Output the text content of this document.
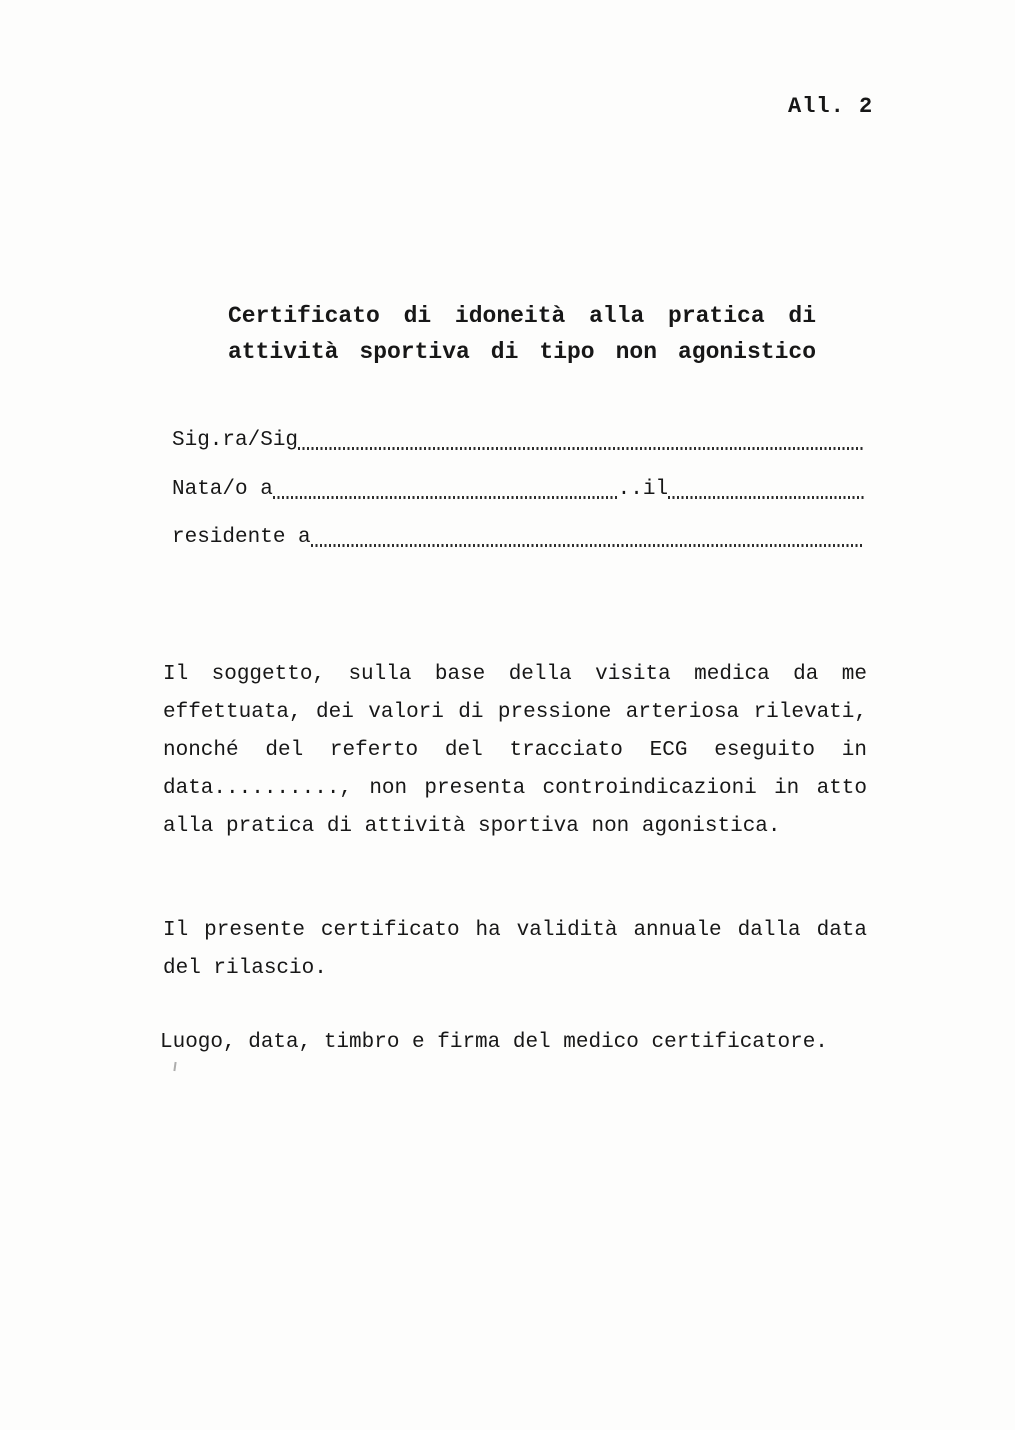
All. 2
Certificato di idoneità alla pratica di
attività sportiva di tipo non agonistico
Sig.ra/Sig
Nata/o a	..il
residente a
Il soggetto, sulla base della visita medica da me
effettuata, dei valori di pressione arteriosa rilevati,
nonché del referto del tracciato ECG eseguito in
data.........., non presenta controindicazioni in atto
alla pratica di attività sportiva non agonistica.
Il presente certificato ha validità annuale dalla data
del rilascio.
Luogo, data, timbro e firma del medico certificatore.
